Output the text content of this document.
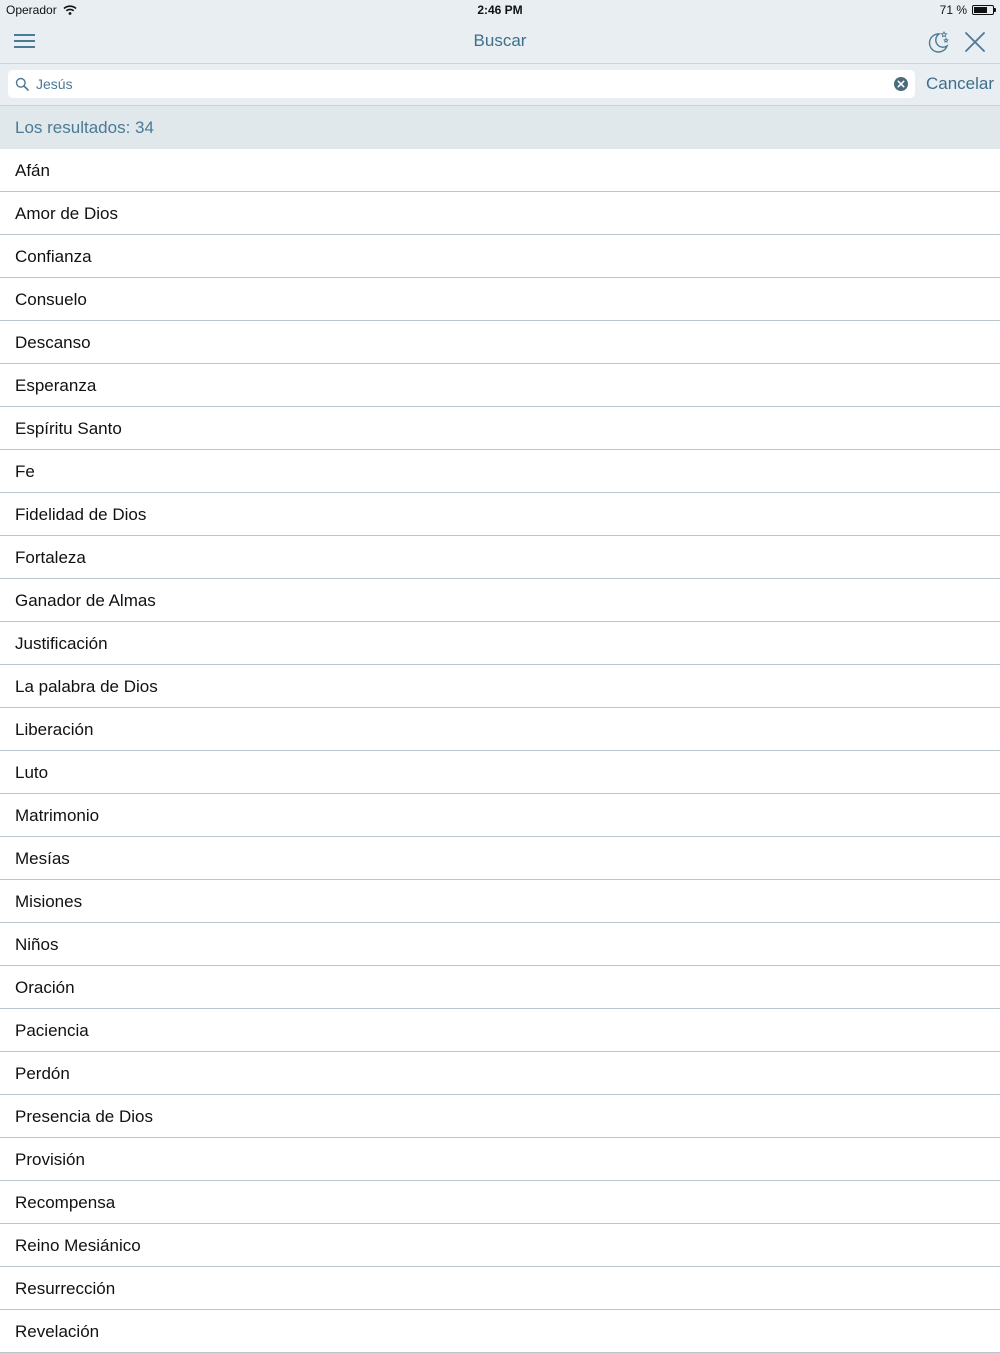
Operador	2:46 PM	71 %
Buscar
Jesús
Cancelar
Los resultados: 34
Afán
Amor de Dios
Confianza
Consuelo
Descanso
Esperanza
Espíritu Santo
Fe
Fidelidad de Dios
Fortaleza
Ganador de Almas
Justificación
La palabra de Dios
Liberación
Luto
Matrimonio
Mesías
Misiones
Niños
Oración
Paciencia
Perdón
Presencia de Dios
Provisión
Recompensa
Reino Mesiánico
Resurrección
Revelación
